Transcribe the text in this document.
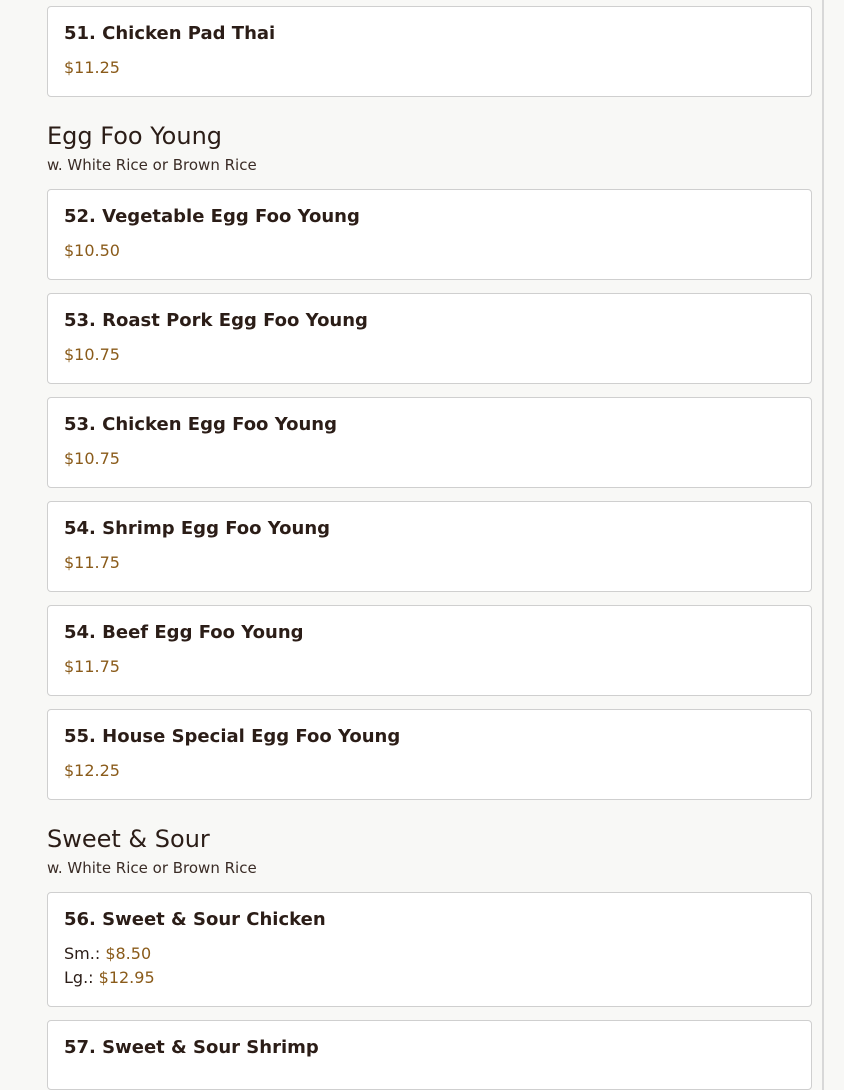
51. Chicken Pad Thai
$11.25
Egg Foo Young
w. White Rice or Brown Rice
52. Vegetable Egg Foo Young
$10.50
53. Roast Pork Egg Foo Young
$10.75
53. Chicken Egg Foo Young
$10.75
54. Shrimp Egg Foo Young
$11.75
54. Beef Egg Foo Young
$11.75
55. House Special Egg Foo Young
$12.25
Sweet & Sour
w. White Rice or Brown Rice
56. Sweet & Sour Chicken
Sm.: $8.50
Lg.: $12.95
57. Sweet & Sour Shrimp
